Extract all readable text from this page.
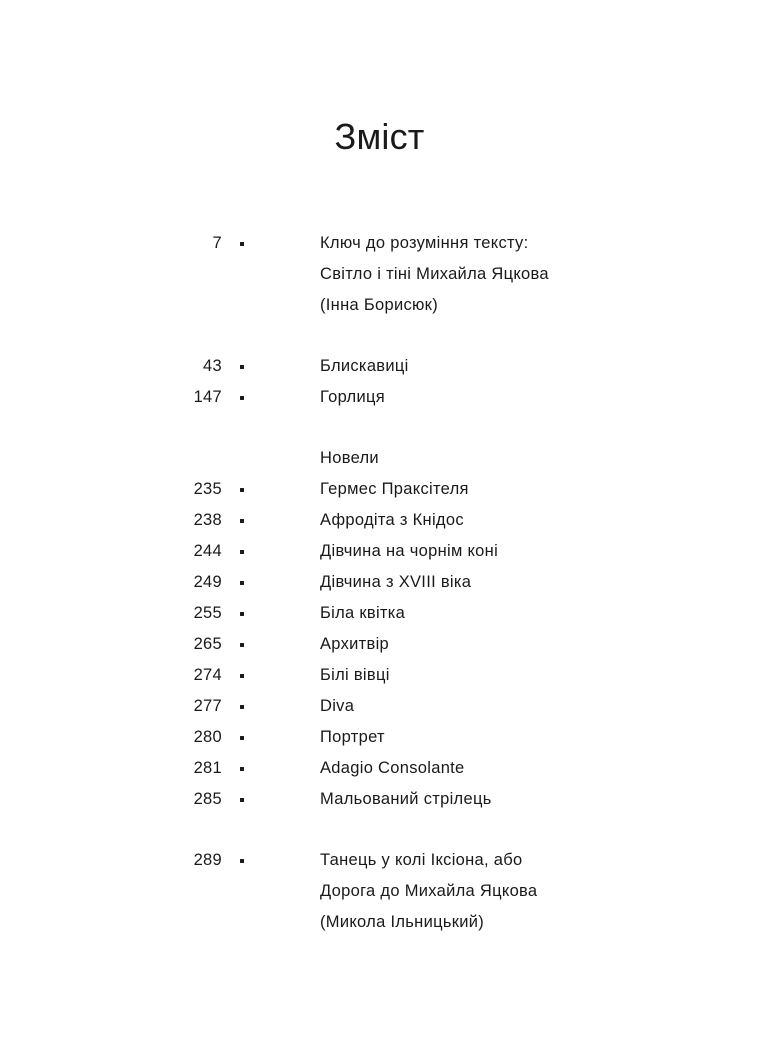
Зміст
7	Ключ до розуміння тексту:
Світло і тіні Михайла Яцкова
(Інна Борисюк)
43	Блискавиці
147	Горлиця
Новели
235	Гермес Праксітеля
238	Афродіта з Кнідос
244	Дівчина на чорнім коні
249	Дівчина з XVIII віка
255	Біла квітка
265	Архитвір
274	Білі вівці
277	Diva
280	Портрет
281	Adagio Consolante
285	Мальований стрілець
289	Танець у колі Іксіона, або
Дорога до Михайла Яцкова
(Микола Ільницький)
